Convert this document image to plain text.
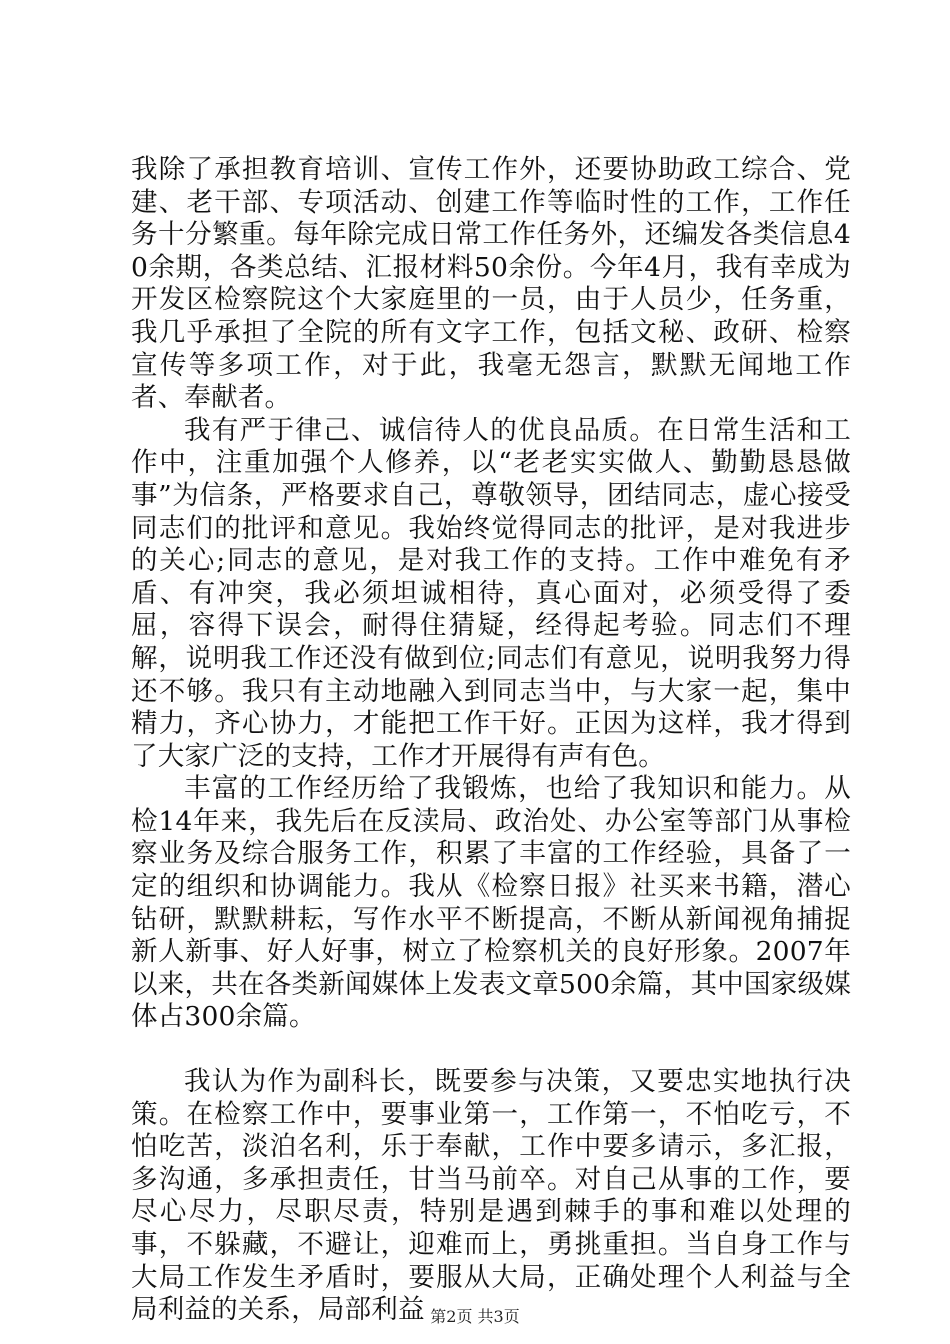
我除了承担教育培训、宣传工作外，还要协助政工综合、党建、老干部、专项活动、创建工作等临时性的工作，工作任务十分繁重。每年除完成日常工作任务外，还编发各类信息40余期，各类总结、汇报材料50余份。今年4月，我有幸成为开发区检察院这个大家庭里的一员，由于人员少，任务重，我几乎承担了全院的所有文字工作，包括文秘、政研、检察宣传等多项工作，对于此，我毫无怨言，默默无闻地工作者、奉献者。

我有严于律己、诚信待人的优良品质。在日常生活和工作中，注重加强个人修养，以“老老实实做人、勤勤恳恳做事”为信条，严格要求自己，尊敬领导，团结同志，虚心接受同志们的批评和意见。我始终觉得同志的批评，是对我进步的关心;同志的意见，是对我工作的支持。工作中难免有矛盾、有冲突，我必须坦诚相待，真心面对，必须受得了委屈，容得下误会，耐得住猜疑，经得起考验。同志们不理解，说明我工作还没有做到位;同志们有意见，说明我努力得还不够。我只有主动地融入到同志当中，与大家一起，集中精力，齐心协力，才能把工作干好。正因为这样，我才得到了大家广泛的支持，工作才开展得有声有色。

丰富的工作经历给了我锻炼，也给了我知识和能力。从检14年来，我先后在反渎局、政治处、办公室等部门从事检察业务及综合服务工作，积累了丰富的工作经验，具备了一定的组织和协调能力。我从《检察日报》社买来书籍，潜心钻研，默默耕耘，写作水平不断提高，不断从新闻视角捕捉新人新事、好人好事，树立了检察机关的良好形象。2007年以来，共在各类新闻媒体上发表文章500余篇，其中国家级媒体占300余篇。

我认为作为副科长，既要参与决策，又要忠实地执行决策。在检察工作中，要事业第一，工作第一，不怕吃亏，不怕吃苦，淡泊名利，乐于奉献，工作中要多请示，多汇报，多沟通，多承担责任，甘当马前卒。对自己从事的工作，要尽心尽力，尽职尽责，特别是遇到棘手的事和难以处理的事，不躲藏，不避让，迎难而上，勇挑重担。当自身工作与大局工作发生矛盾时，要服从大局，正确处理个人利益与全局利益的关系，局部利益 第2页 共3页
